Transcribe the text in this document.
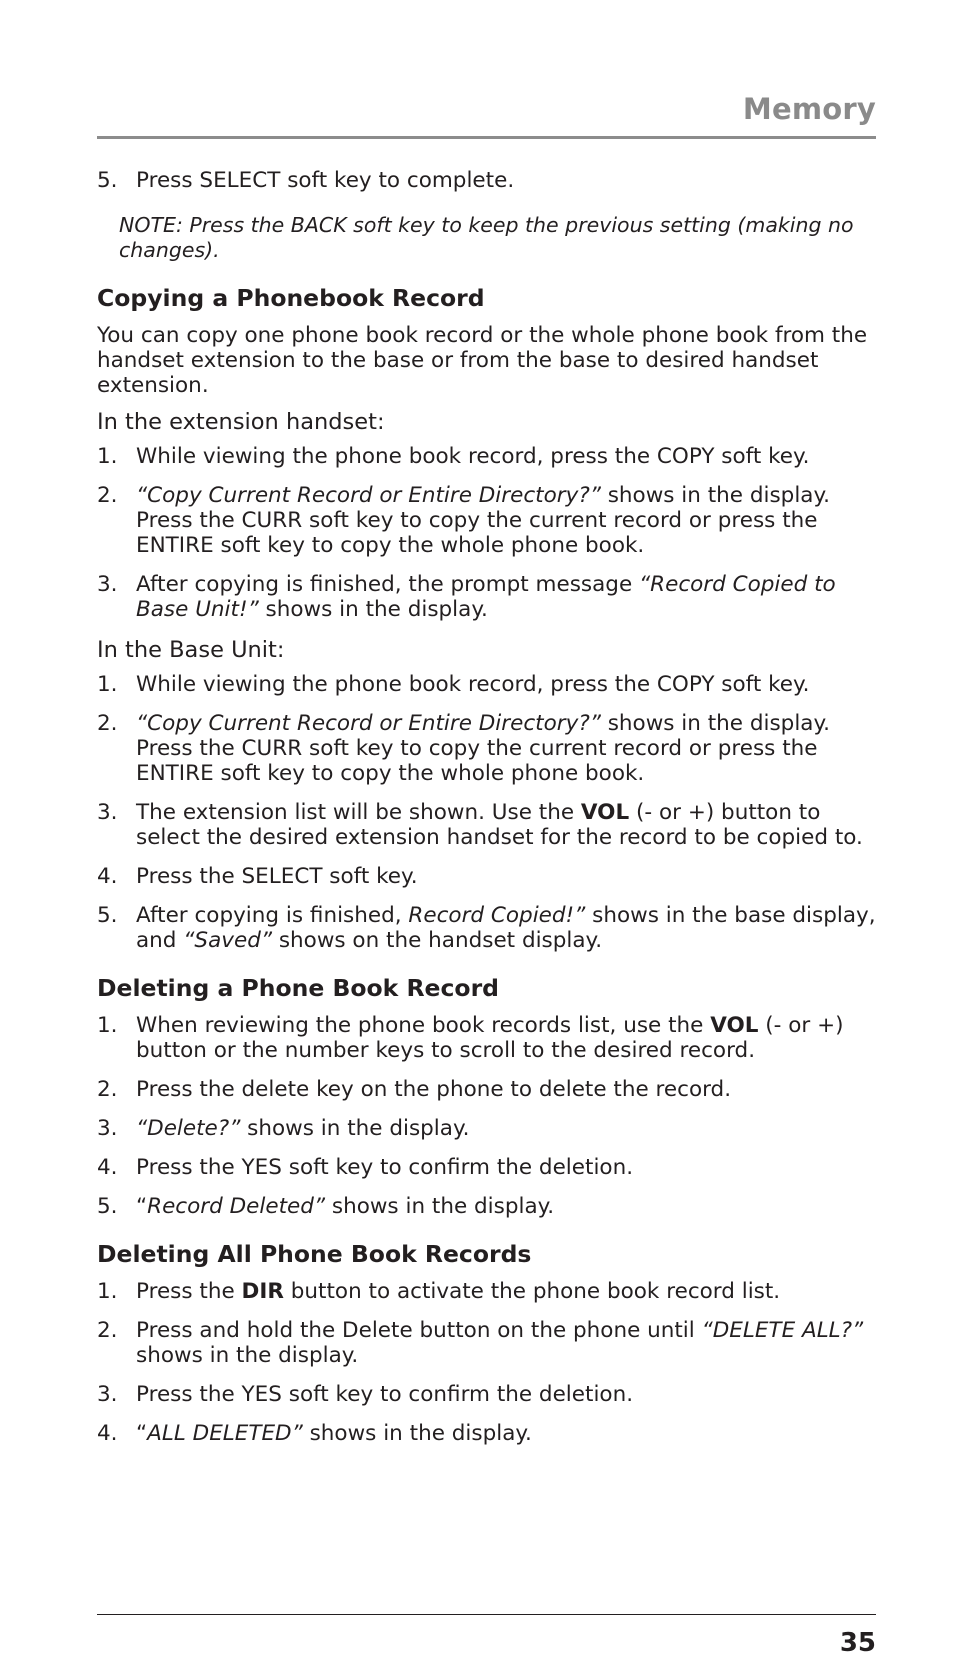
Memory
5. Press SELECT soft key to complete.
NOTE: Press the BACK soft key to keep the previous setting (making no changes).
Copying a Phonebook Record
You can copy one phone book record or the whole phone book from the handset extension to the base or from the base to desired handset extension.
In the extension handset:
1. While viewing the phone book record, press the COPY soft key.
2. “Copy Current Record or Entire Directory?” shows in the display. Press the CURR soft key to copy the current record or press the ENTIRE soft key to copy the whole phone book.
3. After copying is finished, the prompt message “Record Copied to Base Unit!” shows in the display.
In the Base Unit:
1. While viewing the phone book record, press the COPY soft key.
2. “Copy Current Record or Entire Directory?” shows in the display. Press the CURR soft key to copy the current record or press the ENTIRE soft key to copy the whole phone book.
3. The extension list will be shown. Use the VOL (- or +) button to select the desired extension handset for the record to be copied to.
4. Press the SELECT soft key.
5. After copying is finished, Record Copied!” shows in the base display, and “Saved” shows on the handset display.
Deleting a Phone Book Record
1. When reviewing the phone book records list, use the VOL (- or +) button or the number keys to scroll to the desired record.
2. Press the delete key on the phone to delete the record.
3. “Delete?” shows in the display.
4. Press the YES soft key to confirm the deletion.
5. “Record Deleted” shows in the display.
Deleting All Phone Book Records
1. Press the DIR button to activate the phone book record list.
2. Press and hold the Delete button on the phone until “DELETE ALL?” shows in the display.
3. Press the YES soft key to confirm the deletion.
4. “ALL DELETED” shows in the display.
35
